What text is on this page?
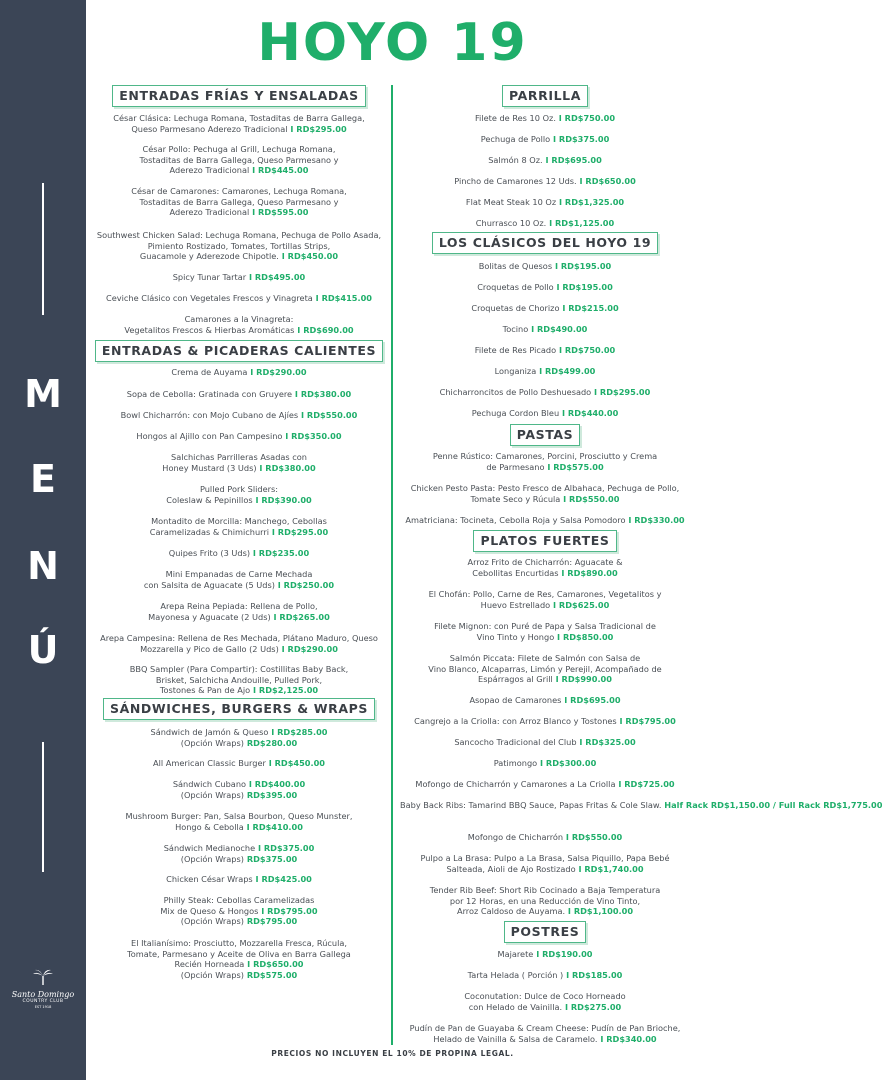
M
E
N
Ú
Santo Domingo
COUNTRY CLUB
EST 1918
HOYO 19
ENTRADAS FRÍAS Y ENSALADAS
César Clásica: Lechuga Romana, Tostaditas de Barra Gallega,
Queso Parmesano Aderezo Tradicional I RD$295.00
César Pollo: Pechuga al Grill, Lechuga Romana,
Tostaditas de Barra Gallega, Queso Parmesano y
Aderezo Tradicional I RD$445.00
César de Camarones: Camarones, Lechuga Romana,
Tostaditas de Barra Gallega, Queso Parmesano y
Aderezo Tradicional I RD$595.00
Southwest Chicken Salad: Lechuga Romana, Pechuga de Pollo Asada,
Pimiento Rostizado, Tomates, Tortillas Strips,
Guacamole y Aderezode Chipotle. I RD$450.00
Spicy Tunar Tartar I RD$495.00
Ceviche Clásico con Vegetales Frescos y Vinagreta I RD$415.00
Camarones a la Vinagreta:
Vegetalitos Frescos & Hierbas Aromáticas I RD$690.00
ENTRADAS & PICADERAS CALIENTES
Crema de Auyama I RD$290.00
Sopa de Cebolla: Gratinada con Gruyere I RD$380.00
Bowl Chicharrón: con Mojo Cubano de Ajíes I RD$550.00
Hongos al Ajillo con Pan Campesino I RD$350.00
Salchichas Parrilleras Asadas con
Honey Mustard (3 Uds) I RD$380.00
Pulled Pork Sliders:
Coleslaw & Pepinillos I RD$390.00
Montadito de Morcilla: Manchego, Cebollas
Caramelizadas & Chimichurri I RD$295.00
Quipes Frito (3 Uds) I RD$235.00
Mini Empanadas de Carne Mechada
con Salsita de Aguacate (5 Uds) I RD$250.00
Arepa Reina Pepiada: Rellena de Pollo,
Mayonesa y Aguacate (2 Uds) I RD$265.00
Arepa Campesina: Rellena de Res Mechada, Plátano Maduro, Queso
Mozzarella y Pico de Gallo (2 Uds) I RD$290.00
BBQ Sampler (Para Compartir): Costillitas Baby Back,
Brisket, Salchicha Andouille, Pulled Pork,
Tostones & Pan de Ajo I RD$2,125.00
SÁNDWICHES, BURGERS & WRAPS
Sándwich de Jamón & Queso I RD$285.00
(Opción Wraps) RD$280.00
All American Classic Burger I RD$450.00
Sándwich Cubano I RD$400.00
(Opción Wraps) RD$395.00
Mushroom Burger: Pan, Salsa Bourbon, Queso Munster,
Hongo & Cebolla I RD$410.00
Sándwich Medianoche I RD$375.00
(Opción Wraps) RD$375.00
Chicken César Wraps I RD$425.00
Philly Steak: Cebollas Caramelizadas
Mix de Queso & Hongos I RD$795.00
(Opción Wraps) RD$795.00
El Italianísimo: Prosciutto, Mozzarella Fresca, Rúcula,
Tomate, Parmesano y Aceite de Oliva en Barra Gallega
Recién Horneada I RD$650.00
(Opción Wraps) RD$575.00
PARRILLA
Filete de Res 10 Oz. I RD$750.00
Pechuga de Pollo I RD$375.00
Salmón 8 Oz. I RD$695.00
Pincho de Camarones 12 Uds. I RD$650.00
Flat Meat Steak 10 Oz I RD$1,325.00
Churrasco 10 Oz. I RD$1,125.00
LOS CLÁSICOS DEL HOYO 19
Bolitas de Quesos I RD$195.00
Croquetas de Pollo I RD$195.00
Croquetas de Chorizo I RD$215.00
Tocino I RD$490.00
Filete de Res Picado I RD$750.00
Longaniza I RD$499.00
Chicharroncitos de Pollo Deshuesado I RD$295.00
Pechuga Cordon Bleu I RD$440.00
PASTAS
Penne Rústico: Camarones, Porcini, Prosciutto y Crema
de Parmesano I RD$575.00
Chicken Pesto Pasta: Pesto Fresco de Albahaca, Pechuga de Pollo,
Tomate Seco y Rúcula I RD$550.00
Amatriciana: Tocineta, Cebolla Roja y Salsa Pomodoro I RD$330.00
PLATOS FUERTES
Arroz Frito de Chicharrón: Aguacate &
Cebollitas Encurtidas I RD$890.00
El Chofán: Pollo, Carne de Res, Camarones, Vegetalitos y
Huevo Estrellado I RD$625.00
Filete Mignon: con Puré de Papa y Salsa Tradicional de
Vino Tinto y Hongo I RD$850.00
Salmón Piccata: Filete de Salmón con Salsa de
Vino Blanco, Alcaparras, Limón y Perejil, Acompañado de
Espárragos al Grill I RD$990.00
Asopao de Camarones I RD$695.00
Cangrejo a la Criolla: con Arroz Blanco y Tostones I RD$795.00
Sancocho Tradicional del Club I RD$325.00
Patimongo I RD$300.00
Mofongo de Chicharrón y Camarones a La Criolla I RD$725.00
Baby Back Ribs: Tamarind BBQ Sauce, Papas Fritas & Cole Slaw. Half Rack RD$1,150.00 / Full Rack RD$1,775.00
Mofongo de Chicharrón I RD$550.00
Pulpo a La Brasa: Pulpo a La Brasa, Salsa Piquillo, Papa Bebé
Salteada, Aioli de Ajo Rostizado I RD$1,740.00
Tender Rib Beef: Short Rib Cocinado a Baja Temperatura
por 12 Horas, en una Reducción de Vino Tinto,
Arroz Caldoso de Auyama. I RD$1,100.00
POSTRES
Majarete I RD$190.00
Tarta Helada ( Porción ) I RD$185.00
Coconutation: Dulce de Coco Horneado
con Helado de Vainilla. I RD$275.00
Pudín de Pan de Guayaba & Cream Cheese: Pudín de Pan Brioche,
Helado de Vainilla & Salsa de Caramelo. I RD$340.00
PRECIOS NO INCLUYEN EL 10% DE PROPINA LEGAL.
